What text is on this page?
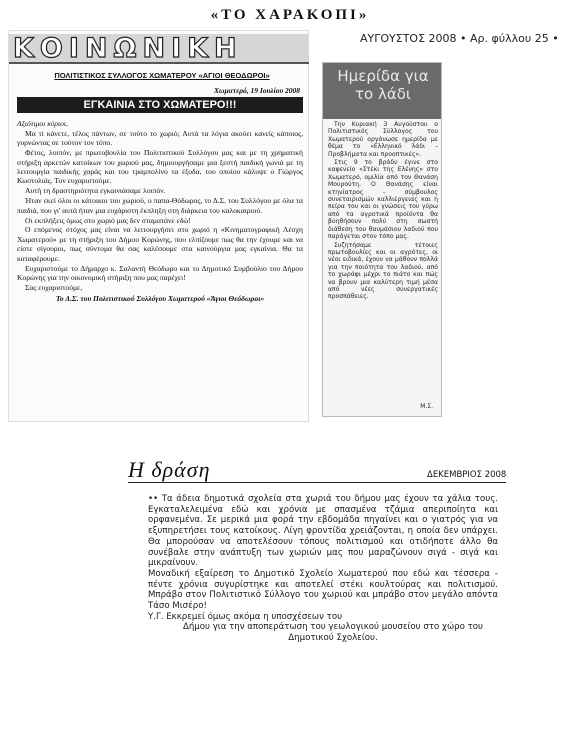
«ΤΟ ΧΑΡΑΚΟΠΙ»
ΚΟΙΝΩΝΙΚΗ
ΠΟΛΙΤΙΣΤΙΚΟΣ ΣΥΛΛΟΓΟΣ ΧΩΜΑΤΕΡΟΥ «ΑΓΙΟΙ ΘΕΟΔΩΡΟΙ»
Χωματερό, 19 Ιουλίου 2008
ΕΓΚΑΙΝΙΑ ΣΤΟ ΧΩΜΑΤΕΡΟ!!!

Αξιότιμοι κύριοι,

Μα τί κάνετε, τέλος πάντων, σε τούτο το χωριό; Αυτά τα λόγια ακούει κανείς κάποιος, γυρνώντας σε τούτον τον τόπο.

Φέτος, λοιπόν, με πρωτοβουλία του Πολιτιστικού Συλλόγου μας και με τη χρηματική στήριξη αρκετών κατοίκων του χωριού μας, δημιουργήσαμε μια ξεστή παιδική γωνιά με τη λειτουργία παιδικής χαράς και του τραμπολίνο τα έξοδα, του οποίου κάλυψε ο Γιώργος Κωστολιάς. Τον ευχαριστούμε.

Αυτή τη δραστηριότητα εγκαινιάσαμε λοιπόν.

Ήταν εκεί όλοι οι κάτοικοι του χωριού, ο παπα-Θόδωρος, το Δ.Σ. του Συλλόγου με όλα τα παιδιά, που γι' αυτά ήταν μια ευχάριστη έκπληξη στη διάρκεια του καλοκαιριού.

Οι εκπλήξεις όμως στο χωριό μας δεν σταματάνε εδώ!

Ο επόμενος στόχος μας είναι να λειτουργήσει στο χωριό η «Κινηματογραφική Λέσχη Χωματερού» με τη στήριξη του Δήμου Κορώνης, που ελπίζουμε πως θα την έχουμε και να είστε σίγουροι, πως σύντομα θα σας καλέσουμε στα καινούργια μας εγκαίνια. Θα τα καταφέρουμε.

Ευχαριστούμε το Δήμαρχο κ. Σαλαντή Θεόδωρο και το Δημοτικό Συμβούλιο του Δήμου Κορώνης για την οικονομική στήριξη που μας παρέχει!

Σας ευχαριστούμε,

Το Δ.Σ. του Πολιτιστικού Συλλόγου Χωματερού «Άγιοι Θεόδωροι»

ΑΥΓΟΥΣΤΟΣ 2008 • Αρ. φύλλου 25 •
Ημερίδα για το λάδι

Την Κυριακή 3 Αυγούστου ο Πολιτιστικός Σύλλογος του Χωματερού οργάνωσε ημερίδα με θέμα το «Ελληνικό λάδι – Προβλήματα και προοπτικές».

Στις 9 το βράδυ έγινε στο καφενείο «Στέκι της Ελένης» στο Χωματερό, ομιλία από τον Θανάση Μουρούτη. Ο Θανάσης είναι κτηνίατρος - σύμβουλος συνεταιρισμών καλλιέργειας και η πείρα του και οι γνώσεις του γύρω από τα αγροτικά προϊόντα θα βοηθήσουν πολύ στη σωστή διάθεση του θαυμάσιου λαδιού που παράγεται στον τόπο μας.

Συζητήσαμε τέτοιες πρωτοβουλίες και οι αγρότες, οι νέοι ειδικά, έχουν να μάθουν πολλά για την ποιότητα του λαδιού, από το χωράφι μέχρι το πιάτο και πώς να βρουν μια καλύτερη τιμή μέσα από νέες συνεργατικές προσπάθειες.

Μ.Σ.
Η δράση	ΔΕΚΕΜΒΡΙΟΣ 2008

•• Τα άδεια δημοτικά σχολεία στα χωριά του δήμου μας έχουν τα χάλια τους. Εγκαταλελειμένα εδώ και χρόνια με σπασμένα τζάμια απεριποίητα και ορφανεμένα. Σε μερικά μια φορά την εβδομάδα πηγαίνει και ο γιατρός για να εξυπηρετήσει τους κατοίκους. Λίγη φροντίδα χρειάζονται, η οποία δεν υπάρχει. Θα μπορούσαν να αποτελέσουν τόπους πολιτισμού και οτιδήποτε άλλο θα συνέβαλε στην ανάπτυξη των χωριών μας που μαραζώνουν σιγά - σιγά και μικραίνουν.

Μοναδική εξαίρεση το Δημοτικό Σχολείο Χωματερού που εδώ και τέσσερα - πέντε χρόνια συγυρίστηκε και αποτελεί στέκι κουλτούρας και πολιτισμού. Μπράβο στον Πολιτιστικό Σύλλογο του χωριού και μπράβο στον μεγάλο απόντα Τάσο Μισέρο!

Υ.Γ. Εκκρεμεί όμως ακόμα η υποσχέσεων του

Δήμου για την αποπεράτωση του γεωλογικού μουσείου στο χώρο του Δημοτικού Σχολείου.
